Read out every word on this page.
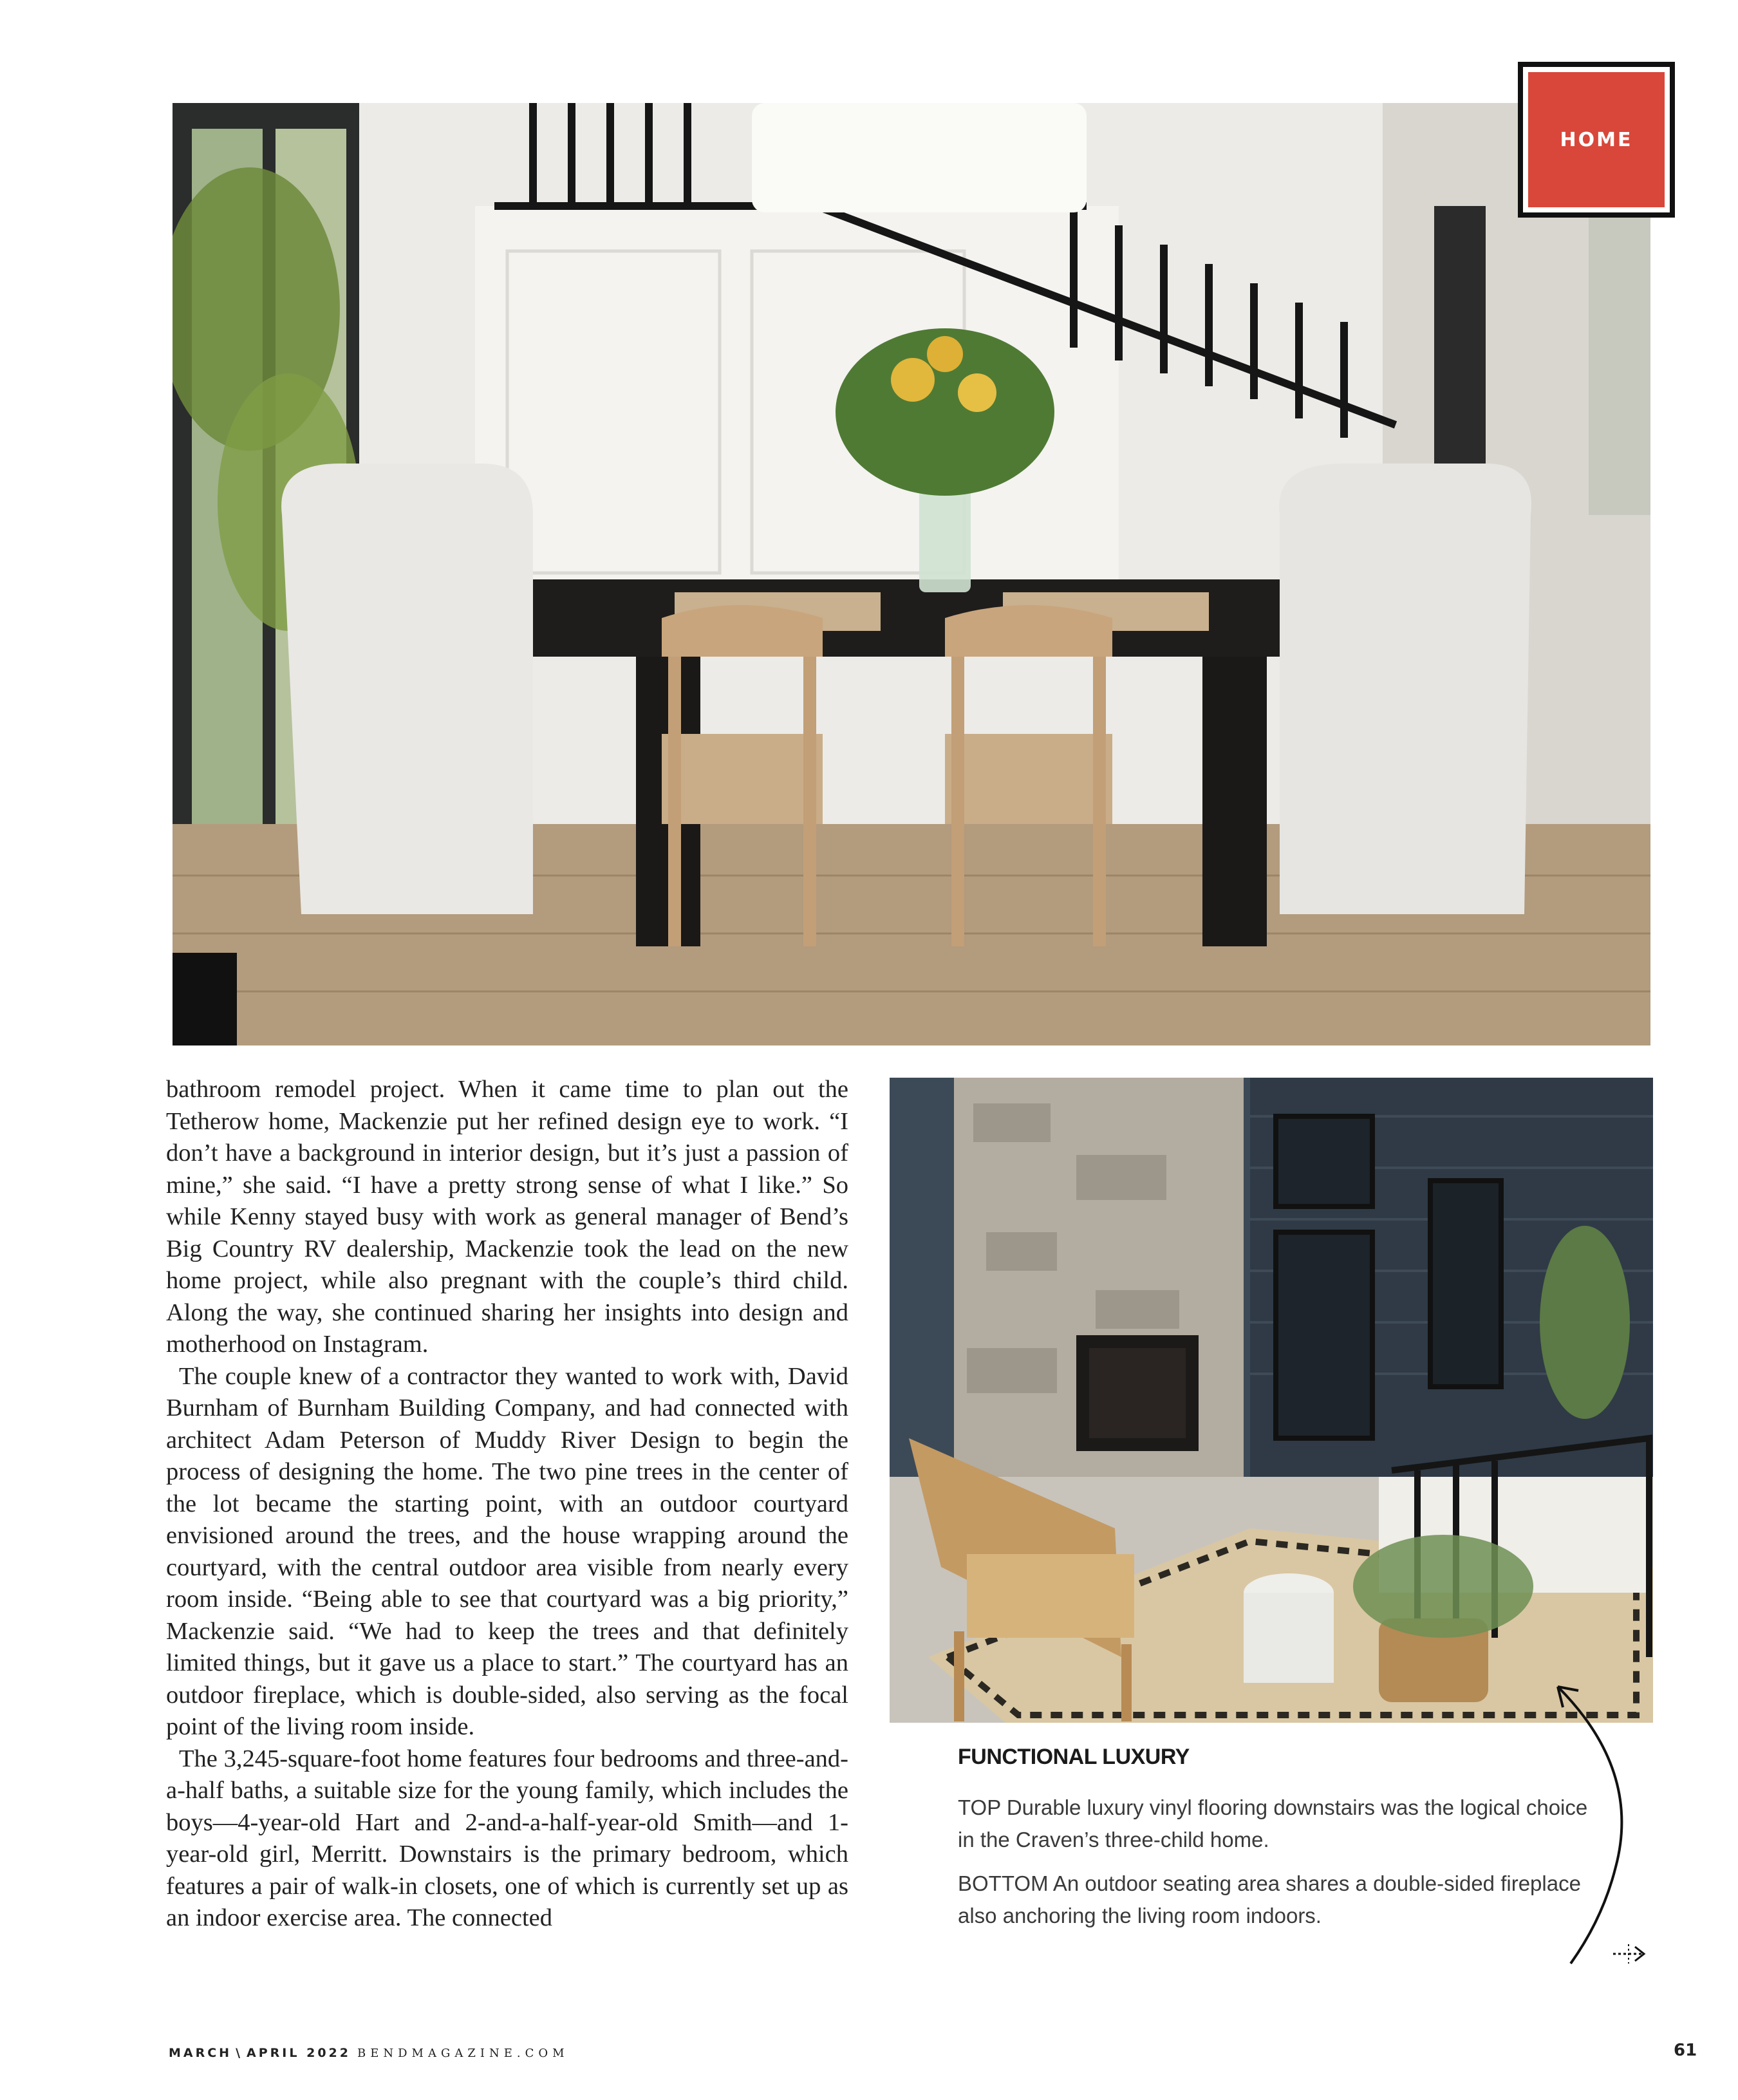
HOME

bathroom remodel project. When it came time to plan out the Tetherow home, Mackenzie put her refined design eye to work. “I don’t have a background in interior design, but it’s just a passion of mine,” she said. “I have a pretty strong sense of what I like.” So while Kenny stayed busy with work as general manager of Bend’s Big Country RV dealership, Mackenzie took the lead on the new home project, while also pregnant with the couple’s third child. Along the way, she continued sharing her insights into design and motherhood on Instagram.

The couple knew of a contractor they wanted to work with, David Burnham of Burnham Building Company, and had connected with architect Adam Peterson of Muddy River Design to begin the process of designing the home. The two pine trees in the center of the lot became the starting point, with an outdoor courtyard envisioned around the trees, and the house wrapping around the courtyard, with the central outdoor area visible from nearly every room inside. “Being able to see that courtyard was a big priority,” Mackenzie said. “We had to keep the trees and that definitely limited things, but it gave us a place to start.” The courtyard has an outdoor fireplace, which is double-sided, also serving as the focal point of the living room inside.

The 3,245-square-foot home features four bedrooms and three-and-a-half baths, a suitable size for the young family, which includes the boys—4-year-old Hart and 2-and-a-half-year-old Smith—and 1-year-old girl, Merritt. Downstairs is the primary bedroom, which features a pair of walk-in closets, one of which is currently set up as an indoor exercise area. The connected

FUNCTIONAL LUXURY

TOP Durable luxury vinyl flooring downstairs was the logical choice in the Craven’s three-child home.

BOTTOM An outdoor seating area shares a double-sided fireplace also anchoring the living room indoors.

MARCH \ APRIL 2022 BENDMAGAZINE.COM	61
